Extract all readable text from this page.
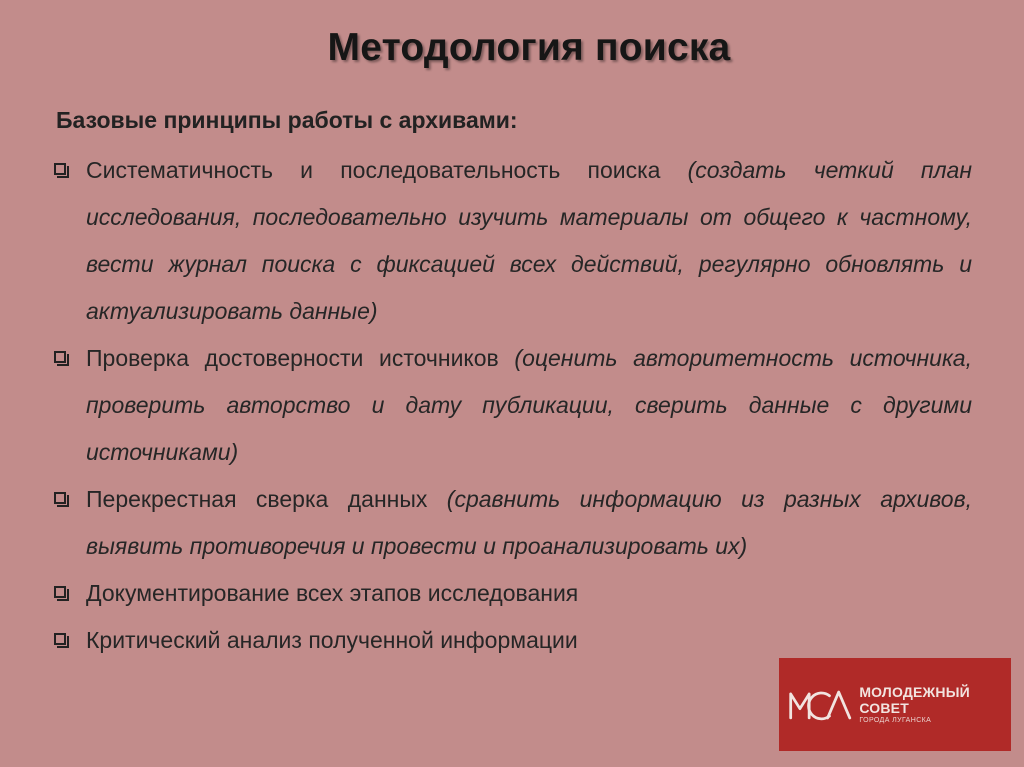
Методология поиска
Базовые принципы работы с архивами:
Систематичность и последовательность поиска (создать четкий план исследования, последовательно изучить материалы от общего к частному, вести журнал поиска с фиксацией всех действий, регулярно обновлять и актуализировать данные)
Проверка достоверности источников (оценить авторитетность источника, проверить авторство и дату публикации, сверить данные с другими источниками)
Перекрестная сверка данных (сравнить информацию из разных архивов, выявить противоречия и провести и проанализировать их)
Документирование всех этапов исследования
Критический анализ полученной информации
МОЛОДЕЖНЫЙ СОВЕТ
ГОРОДА ЛУГАНСКА
